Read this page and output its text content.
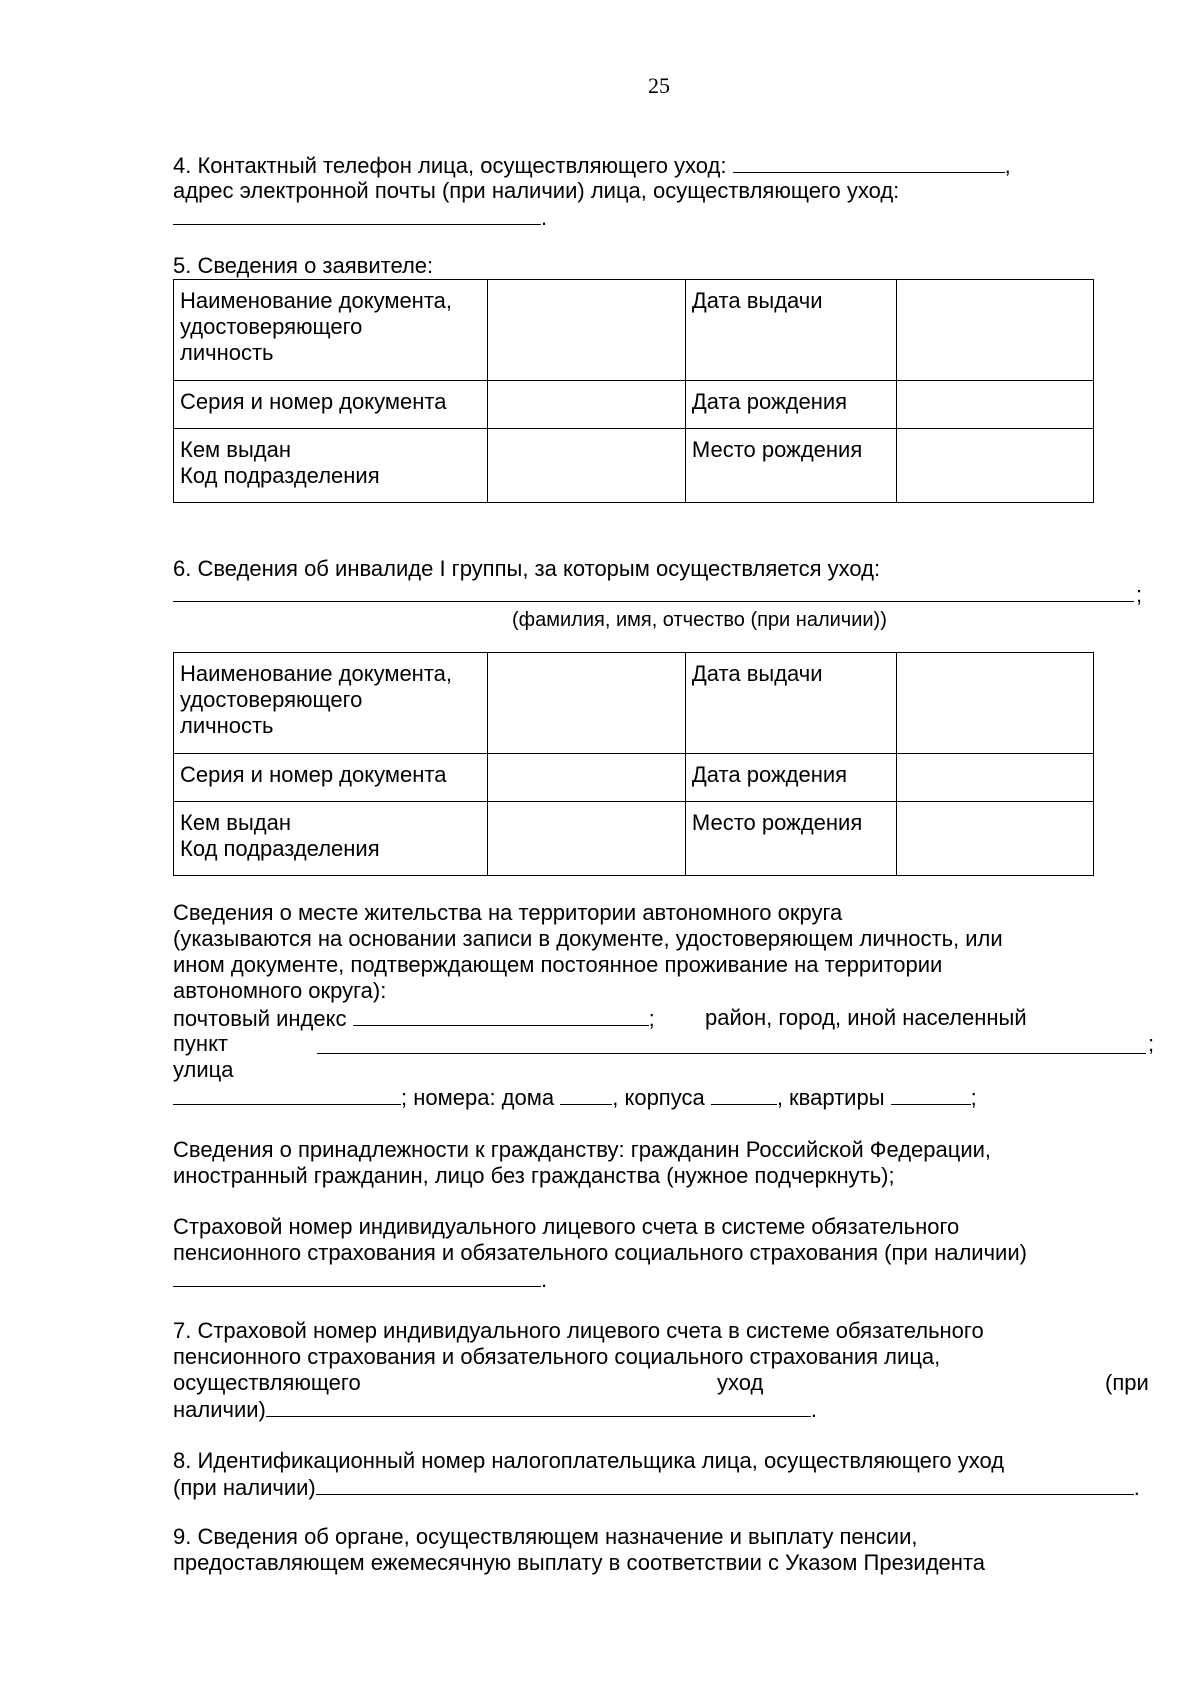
25
4. Контактный телефон лица, осуществляющего уход:	,
адрес электронной почты (при наличии) лица, осуществляющего уход:
.
5. Сведения о заявителе:
Наименование документа,
удостоверяющего
личность		Дата выдачи	
Серия и номер документа		Дата рождения	
Кем выдан
Код подразделения		Место рождения	
6. Сведения об инвалиде I группы, за которым осуществляется уход:
;
(фамилия, имя, отчество (при наличии))
Наименование документа,
удостоверяющего
личность		Дата выдачи	
Серия и номер документа		Дата рождения	
Кем выдан
Код подразделения		Место рождения	
Сведения о месте жительства на территории автономного округа
(указываются на основании записи в документе, удостоверяющем личность, или
ином документе, подтверждающем постоянное проживание на территории
автономного округа):
почтовый индекс	; район, город, иной населенный
пункт	;
улица
; номера: дома	, корпуса	, квартиры	;
Сведения о принадлежности к гражданству: гражданин Российской Федерации,
иностранный гражданин, лицо без гражданства (нужное подчеркнуть);
Страховой номер индивидуального лицевого счета в системе обязательного
пенсионного страхования и обязательного социального страхования (при наличии)
.
7. Страховой номер индивидуального лицевого счета в системе обязательного
пенсионного страхования и обязательного социального страхования лица,
осуществляющего	уход	(при
наличии)	.
8. Идентификационный номер налогоплательщика лица, осуществляющего уход
(при наличии)	.
9. Сведения об органе, осуществляющем назначение и выплату пенсии,
предоставляющем ежемесячную выплату в соответствии с Указом Президента
